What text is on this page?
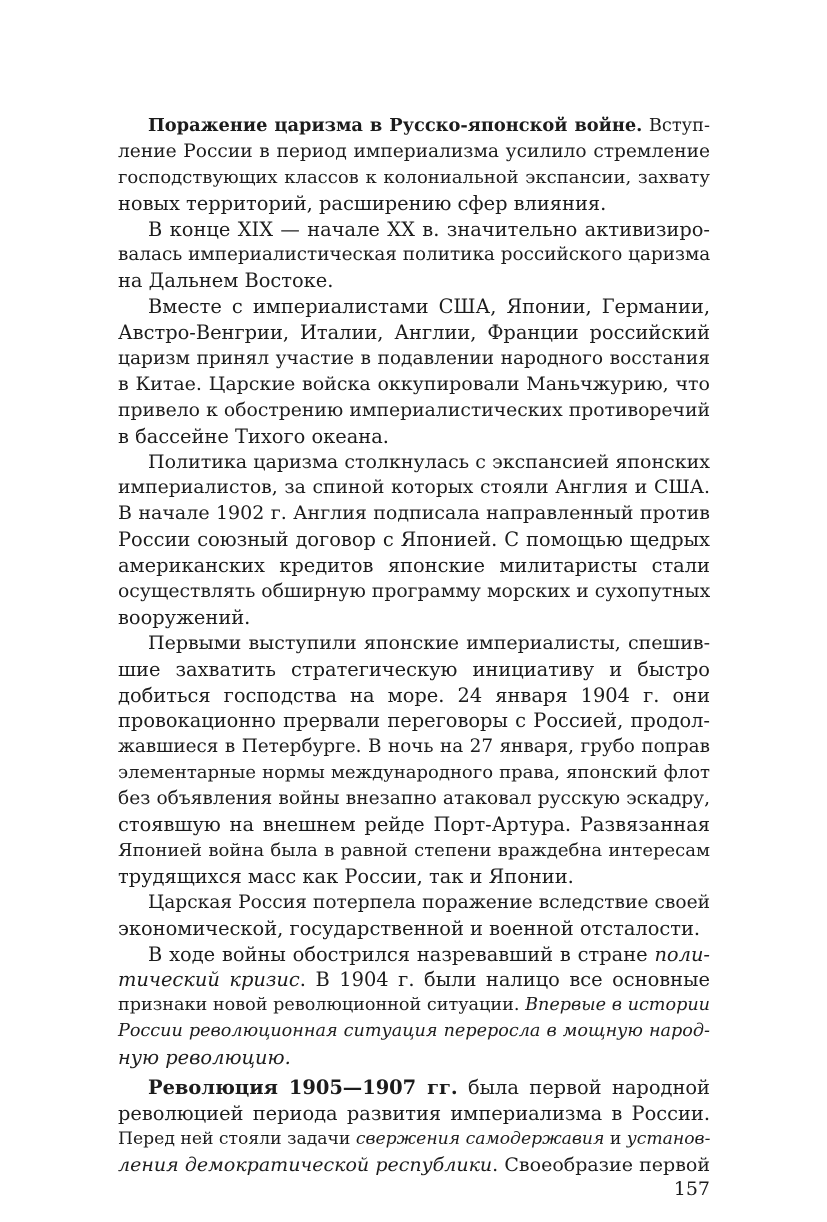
Поражение царизма в Русско-японской войне. Вступ-
ление России в период империализма усилило стремление
господствующих классов к колониальной экспансии, захвату
новых территорий, расширению сфер влияния.
В конце XIX — начале XX в. значительно активизиро-
валась империалистическая политика российского царизма
на Дальнем Востоке.
Вместе с империалистами США, Японии, Германии,
Австро-Венгрии, Италии, Англии, Франции российский
царизм принял участие в подавлении народного восстания
в Китае. Царские войска оккупировали Маньчжурию, что
привело к обострению империалистических противоречий
в бассейне Тихого океана.
Политика царизма столкнулась с экспансией японских
империалистов, за спиной которых стояли Англия и США.
В начале 1902 г. Англия подписала направленный против
России союзный договор с Японией. С помощью щедрых
американских кредитов японские милитаристы стали
осуществлять обширную программу морских и сухопутных
вооружений.
Первыми выступили японские империалисты, спешив-
шие захватить стратегическую инициативу и быстро
добиться господства на море. 24 января 1904 г. они
провокационно прервали переговоры с Россией, продол-
жавшиеся в Петербурге. В ночь на 27 января, грубо поправ
элементарные нормы международного права, японский флот
без объявления войны внезапно атаковал русскую эскадру,
стоявшую на внешнем рейде Порт-Артура. Развязанная
Японией война была в равной степени враждебна интересам
трудящихся масс как России, так и Японии.
Царская Россия потерпела поражение вследствие своей
экономической, государственной и военной отсталости.
В ходе войны обострился назревавший в стране поли-
тический кризис. В 1904 г. были налицо все основные
признаки новой революционной ситуации. Впервые в истории
России революционная ситуация переросла в мощную народ-
ную революцию.
Революция 1905—1907 гг. была первой народной
революцией периода развития империализма в России.
Перед ней стояли задачи свержения самодержавия и установ-
ления демократической республики. Своеобразие первой
157
